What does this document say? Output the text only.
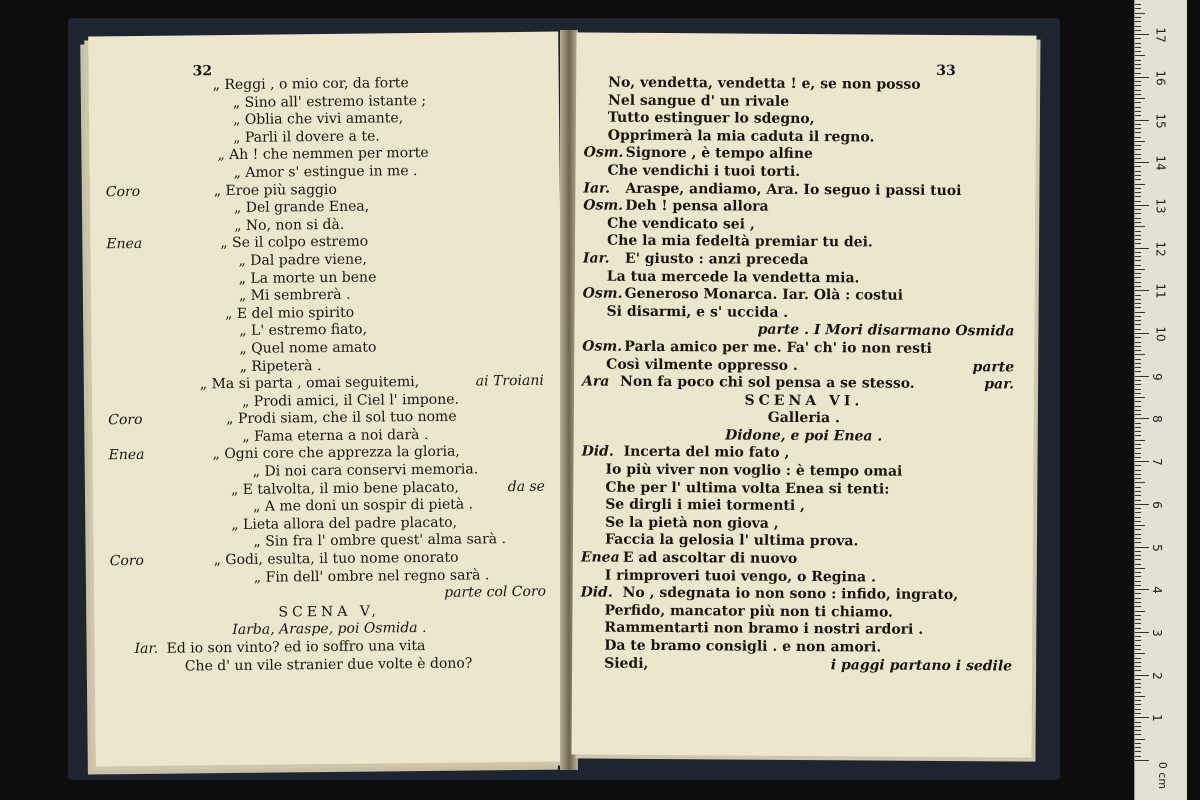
32
„ Reggi , o mio cor, da forte
„ Sino all' estremo istante ;
„ Oblia che vivi amante,
„ Parli il dovere a te.
„ Ah ! che nemmen per morte
„ Amor s' estingue in me .
Coro	„ Eroe più saggio
„ Del grande Enea,
„ No, non si dà.
Enea	„ Se il colpo estremo
„ Dal padre viene,
„ La morte un bene
„ Mi sembrerà .
„ E del mio spirito
„ L' estremo fiato,
„ Quel nome amato
„ Ripeterà .
„ Ma si parta , omai seguitemi,	ai Troiani
„ Prodi amici, il Ciel l' impone.
Coro	„ Prodi siam, che il sol tuo nome
„ Fama eterna a noi darà .
Enea	„ Ogni core che apprezza la gloria,
„ Di noi cara conservi memoria.
„ E talvolta, il mio bene placato,	da se
„ A me doni un sospir di pietà .
„ Lieta allora del padre placato,
„ Sin fra l' ombre quest' alma sarà .
Coro	„ Godi, esulta, il tuo nome onorato
„ Fin dell' ombre nel regno sarà .
parte col Coro
SCENA V,
Iarba, Araspe, poi Osmida .
Iar. Ed io son vinto? ed io soffro una vita
Che d' un vile stranier due volte è dono?
33
No, vendetta, vendetta ! e, se non posso
Nel sangue d' un rivale
Tutto estinguer lo sdegno,
Opprimerà la mia caduta il regno.
Osm. Signore , è tempo alfine
Che vendichi i tuoi torti.
Iar. Araspe, andiamo, Ara. Io seguo i passi tuoi
Osm. Deh ! pensa allora
Che vendicato sei ,
Che la mia fedeltà premiar tu dei.
Iar. E' giusto : anzi preceda
La tua mercede la vendetta mia.
Osm. Generoso Monarca. Iar. Olà : costui
Si disarmi, e s' uccida .
parte . I Mori disarmano Osmida
Osm. Parla amico per me. Fa' ch' io non resti
Così vilmente oppresso .	parte
Ara Non fa poco chi sol pensa a se stesso.	par.
SCENA VI.
Galleria .
Didone, e poi Enea .
Did. Incerta del mio fato ,
Io più viver non voglio : è tempo omai
Che per l' ultima volta Enea si tenti:
Se dirgli i miei tormenti ,
Se la pietà non giova ,
Faccia la gelosia l' ultima prova.
Enea E ad ascoltar di nuovo
I rimproveri tuoi vengo, o Regina .
Did. No , sdegnata io non sono : infido, ingrato,
Perfido, mancator più non ti chiamo.
Rammentarti non bramo i nostri ardori .
Da te bramo consigli . e non amori.
Siedi,	i paggi partano i sedile
0 cm
1
2
3
4
5
6
7
8
9
10
11
12
13
14
15
16
17
